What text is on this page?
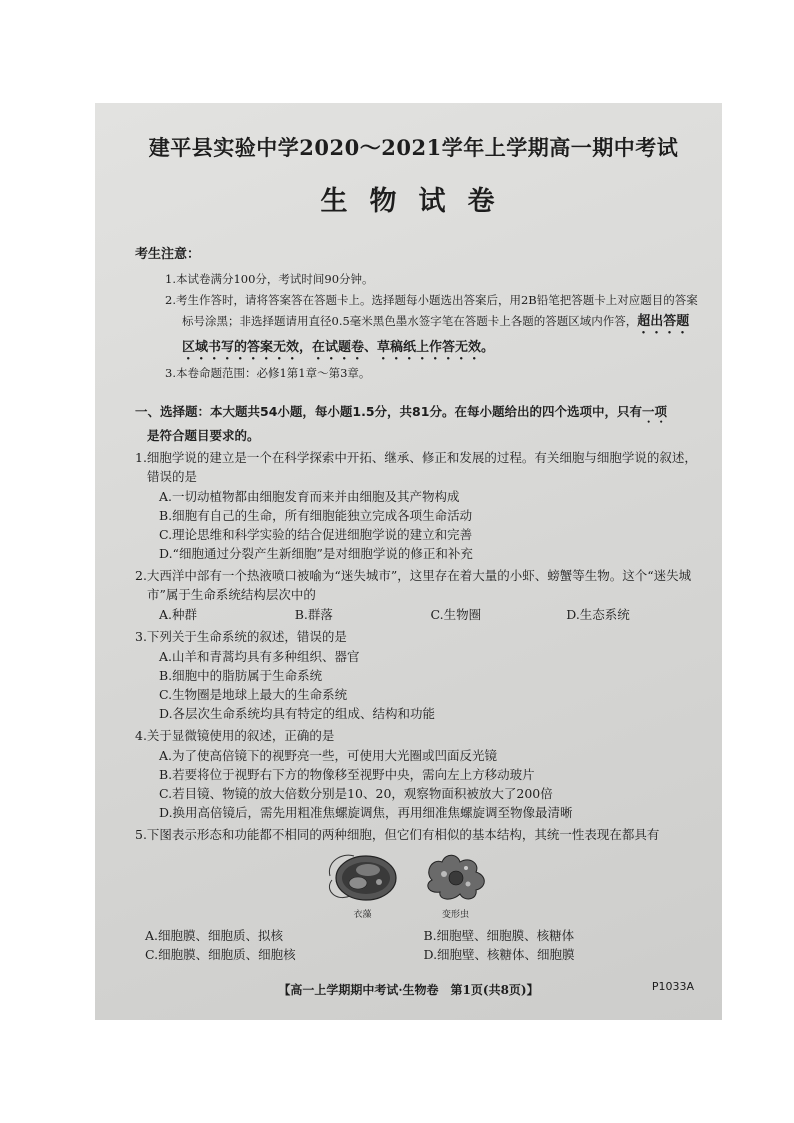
建平县实验中学2020～2021学年上学期高一期中考试
生物试卷
考生注意：
1.本试卷满分100分，考试时间90分钟。
2.考生作答时，请将答案答在答题卡上。选择题每小题选出答案后，用2B铅笔把答题卡上对应题目的答案标号涂黑；非选择题请用直径0.5毫米黑色墨水签字笔在答题卡上各题的答题区域内作答，超出答题区域书写的答案无效，在试题卷、草稿纸上作答无效。
3.本卷命题范围：必修1第1章～第3章。
一、选择题：本大题共54小题，每小题1.5分，共81分。在每小题给出的四个选项中，只有一项
是符合题目要求的。
1.细胞学说的建立是一个在科学探索中开拓、继承、修正和发展的过程。有关细胞与细胞学说的叙述，错误的是
A.一切动植物都由细胞发育而来并由细胞及其产物构成
B.细胞有自己的生命，所有细胞能独立完成各项生命活动
C.理论思维和科学实验的结合促进细胞学说的建立和完善
D.“细胞通过分裂产生新细胞”是对细胞学说的修正和补充
2.大西洋中部有一个热液喷口被喻为“迷失城市”，这里存在着大量的小虾、螃蟹等生物。这个“迷失城市”属于生命系统结构层次中的
A.种群	B.群落	C.生物圈	D.生态系统
3.下列关于生命系统的叙述，错误的是
A.山羊和青蒿均具有多种组织、器官
B.细胞中的脂肪属于生命系统
C.生物圈是地球上最大的生命系统
D.各层次生命系统均具有特定的组成、结构和功能
4.关于显微镜使用的叙述，正确的是
A.为了使高倍镜下的视野亮一些，可使用大光圈或凹面反光镜
B.若要将位于视野右下方的物像移至视野中央，需向左上方移动玻片
C.若目镜、物镜的放大倍数分别是10、20，观察物面积被放大了200倍
D.换用高倍镜后，需先用粗准焦螺旋调焦，再用细准焦螺旋调至物像最清晰
5.下图表示形态和功能都不相同的两种细胞，但它们有相似的基本结构，其统一性表现在都具有
衣藻	变形虫
A.细胞膜、细胞质、拟核	B.细胞壁、细胞膜、核糖体
C.细胞膜、细胞质、细胞核	D.细胞壁、核糖体、细胞膜
【高一上学期期中考试·生物卷　第1页(共8页)】	P1033A
